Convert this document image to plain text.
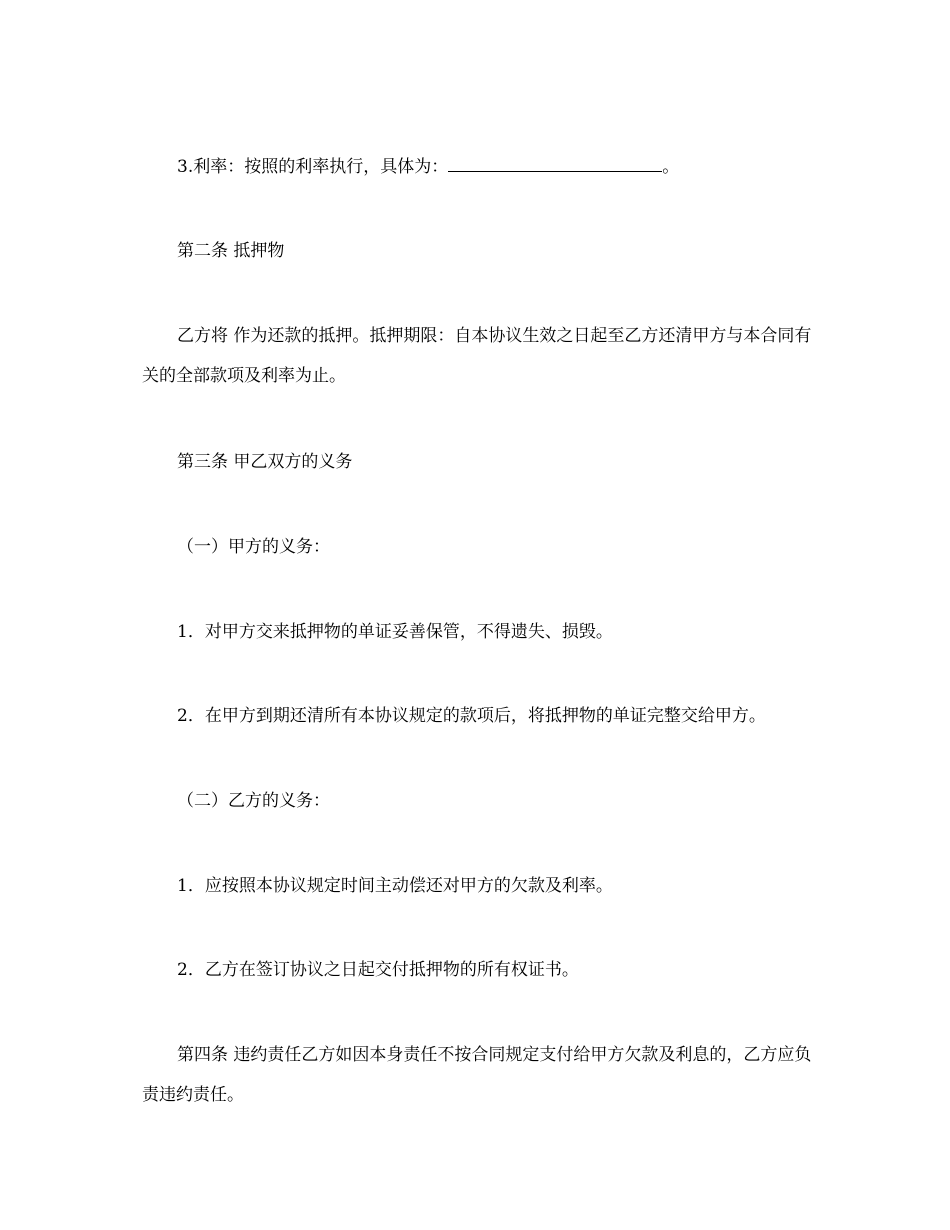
3.利率：按照的利率执行，具体为：	。
第二条 抵押物
乙方将 作为还款的抵押。抵押期限：自本协议生效之日起至乙方还清甲方与本合同有关的全部款项及利率为止。
第三条 甲乙双方的义务
（一）甲方的义务：
1．对甲方交来抵押物的单证妥善保管，不得遗失、损毁。
2．在甲方到期还清所有本协议规定的款项后，将抵押物的单证完整交给甲方。
（二）乙方的义务：
1．应按照本协议规定时间主动偿还对甲方的欠款及利率。
2．乙方在签订协议之日起交付抵押物的所有权证书。
第四条 违约责任乙方如因本身责任不按合同规定支付给甲方欠款及利息的，乙方应负责违约责任。
